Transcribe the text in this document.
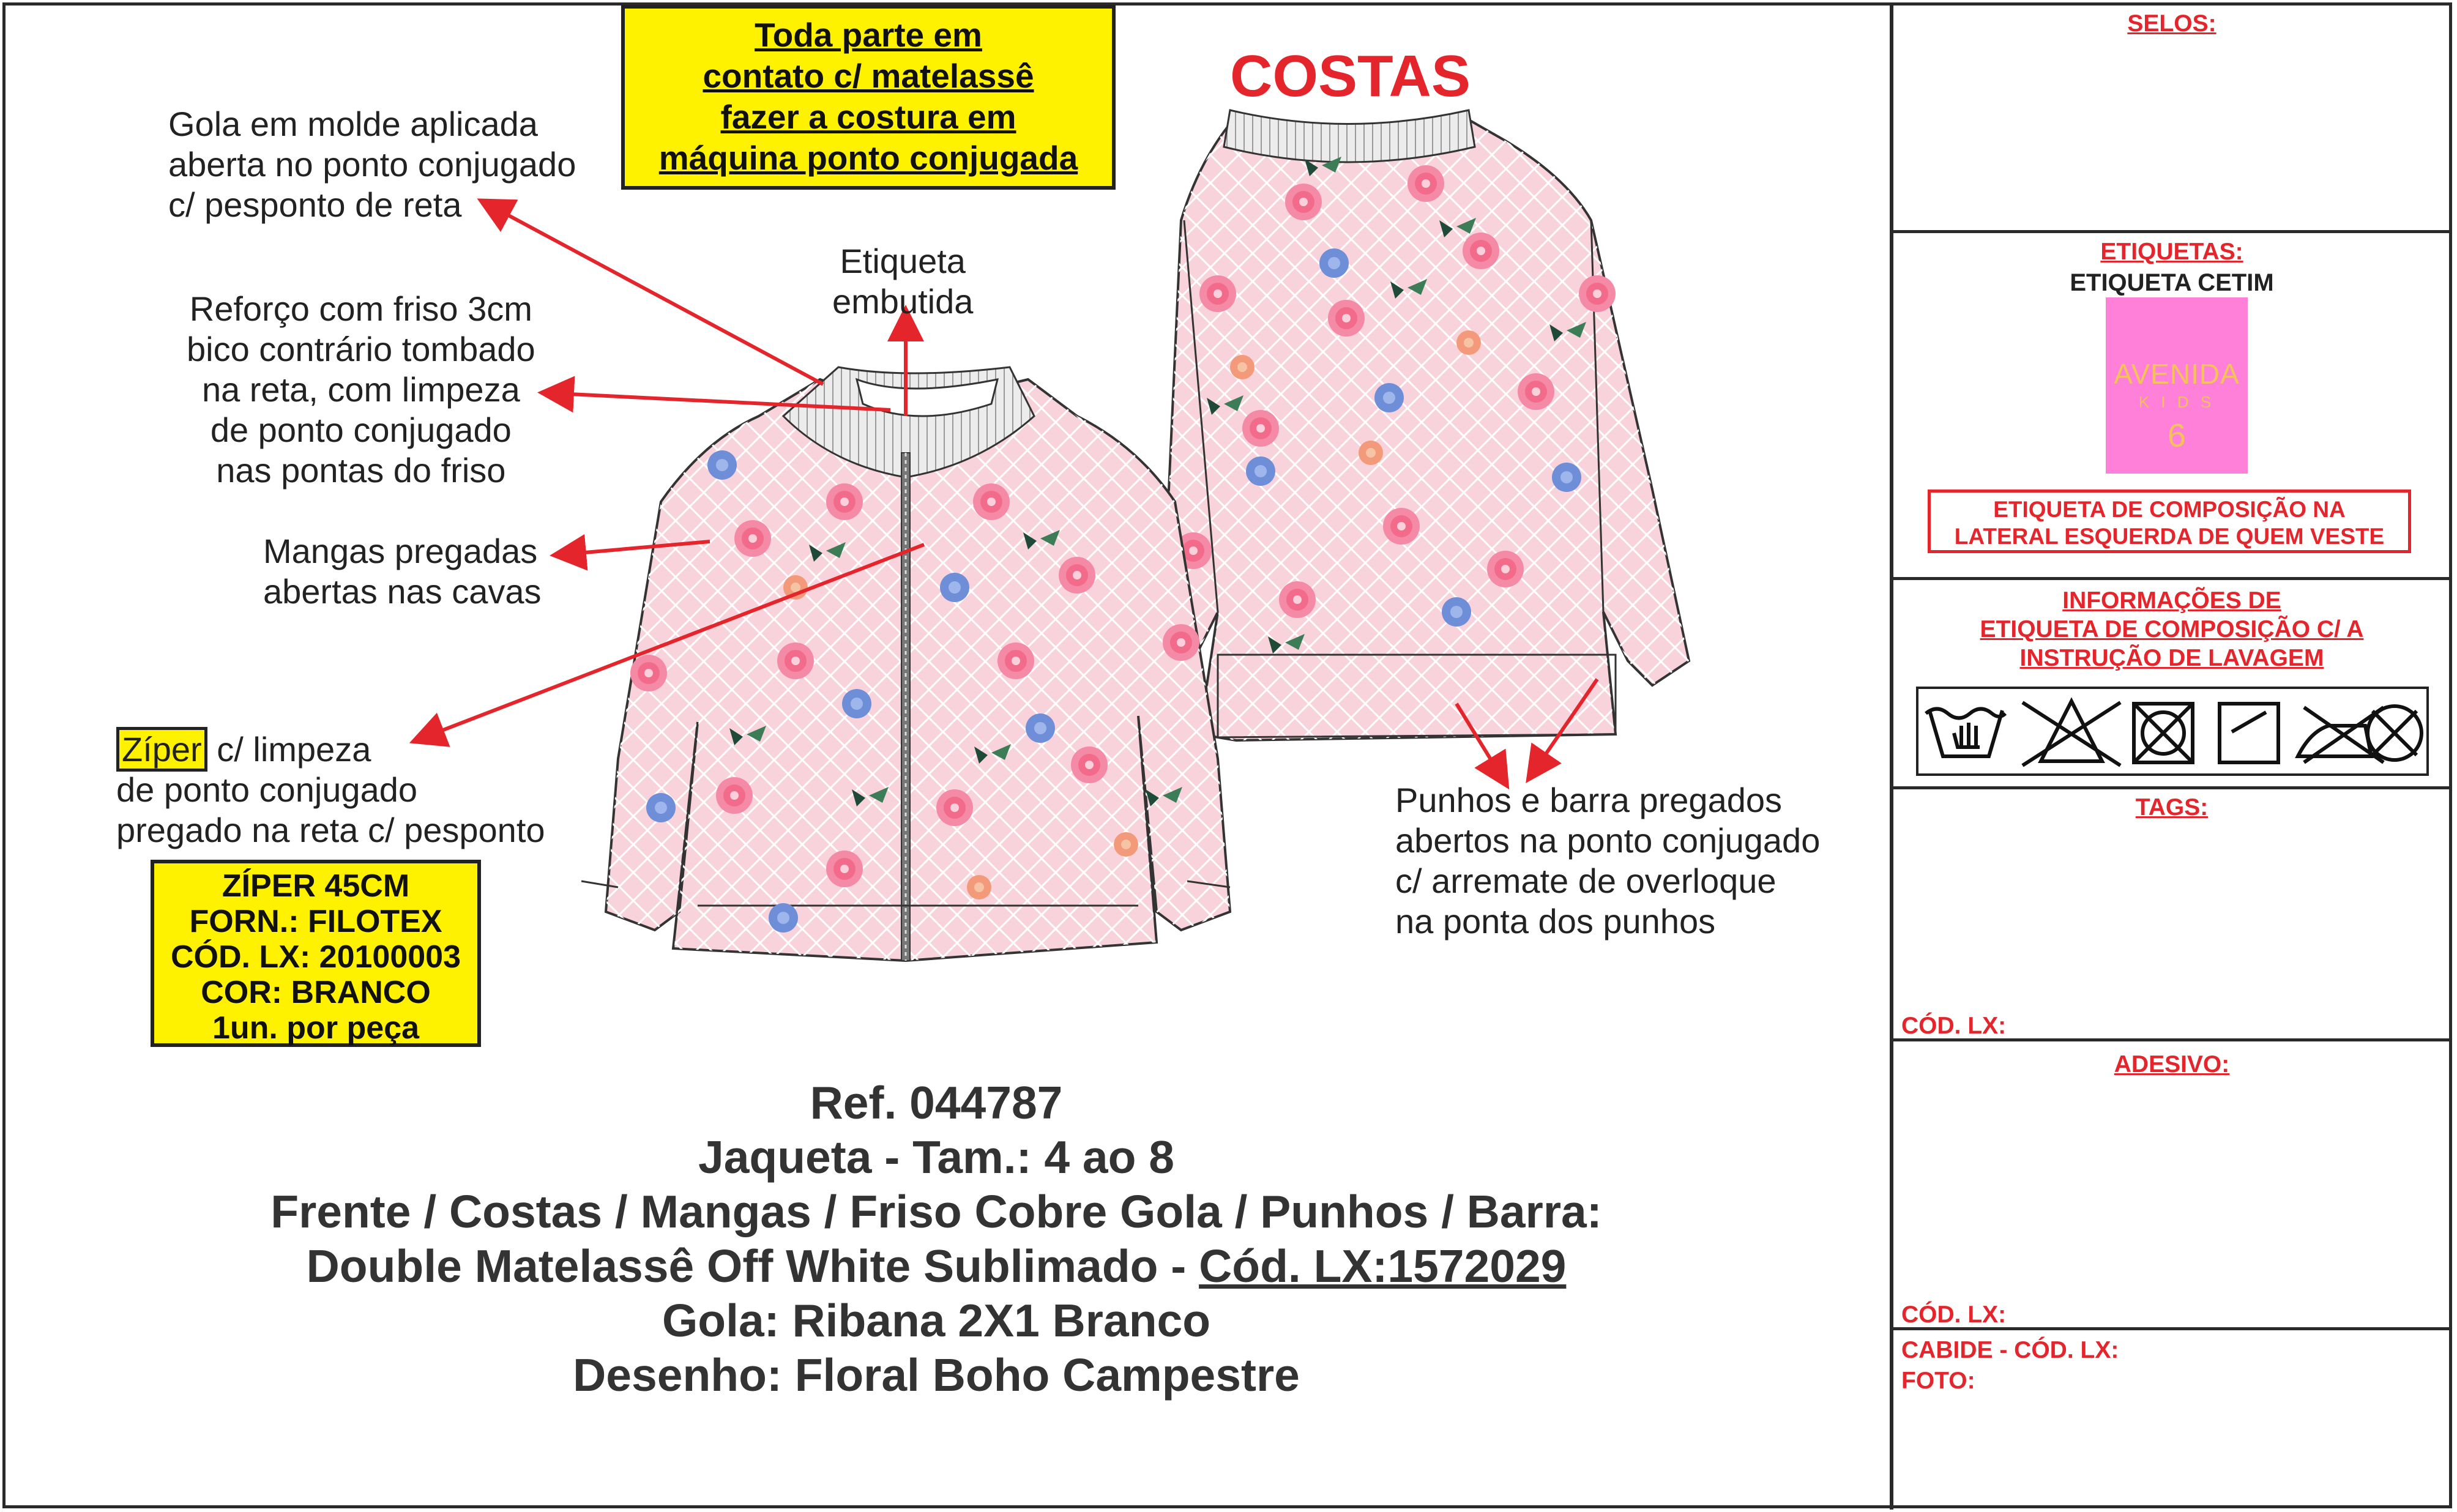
COSTAS
Toda parte em
contato c/ matelassê
fazer a costura em
máquina ponto conjugada
Gola em molde aplicada
aberta no ponto conjugado
c/ pesponto de reta
Etiqueta
embutida
Reforço com friso 3cm
bico contrário tombado
na reta, com limpeza
de ponto conjugado
nas pontas do friso
Mangas pregadas
abertas nas cavas
Zíper c/ limpeza
de ponto conjugado
pregado na reta c/ pesponto
Punhos e barra pregados
abertos na ponto conjugado
c/ arremate de overloque
na ponta dos punhos
ZÍPER 45CM
FORN.: FILOTEX
CÓD. LX: 20100003
COR: BRANCO
1un. por peça
Ref. 044787
Jaqueta - Tam.: 4 ao 8
Frente / Costas / Mangas / Friso Cobre Gola / Punhos / Barra:
Double Matelassê Off White Sublimado - Cód. LX:1572029
Gola: Ribana 2X1 Branco
Desenho: Floral Boho Campestre
SELOS:
ETIQUETAS:
ETIQUETA CETIM
AVENIDA
K I D S
6
ETIQUETA DE COMPOSIÇÃO NA
LATERAL ESQUERDA DE QUEM VESTE
INFORMAÇÕES DE
ETIQUETA DE COMPOSIÇÃO C/ A
INSTRUÇÃO DE LAVAGEM
TAGS:
CÓD. LX:
ADESIVO:
CÓD. LX:
CABIDE - CÓD. LX:
FOTO:
